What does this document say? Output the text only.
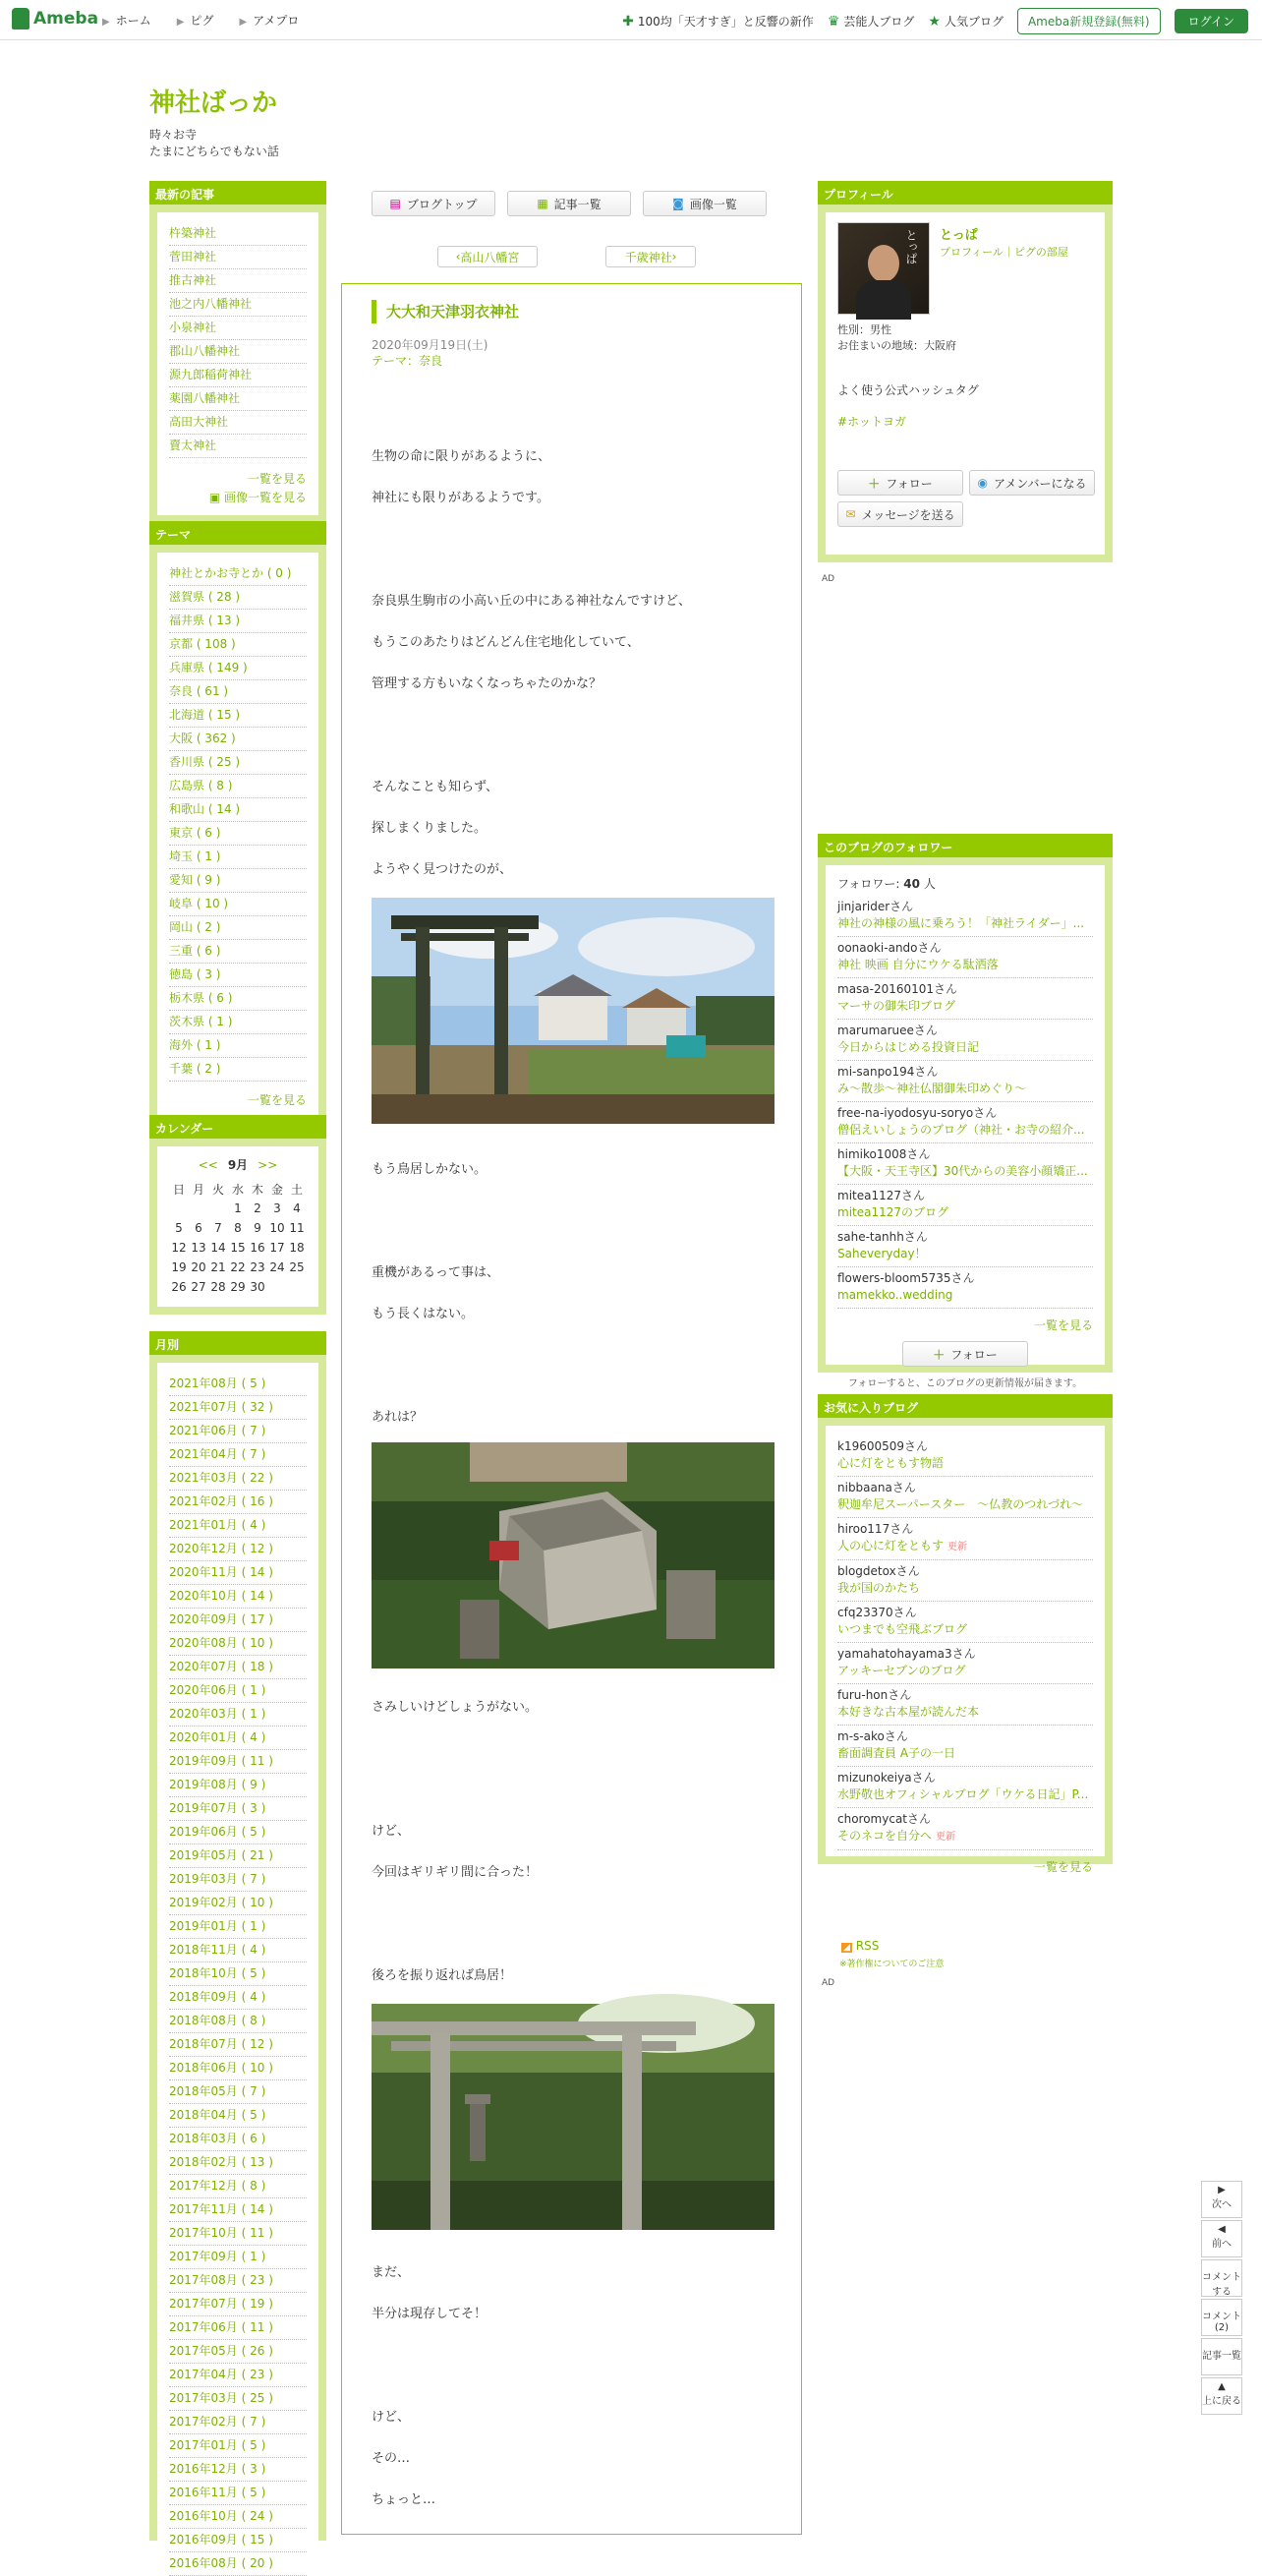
Ameba ▶ ホーム	▶ ピグ	▶ アメプロ	✚ 100均「天才すぎ」と反響の新作 ♛ 芸能人ブログ ★ 人気ブログ	Ameba新規登録(無料)	ログイン
神社ばっか
時々お寺
たまにどちらでもない話
最新の記事
杵築神社
菅田神社
推古神社
池之内八幡神社
小泉神社
郡山八幡神社
源九郎稲荷神社
薬園八幡神社
高田大神社
賣太神社
一覧を見る
▣ 画像一覧を見る
テーマ
神社とかお寺とか ( 0 )
滋賀県 ( 28 )
福井県 ( 13 )
京都 ( 108 )
兵庫県 ( 149 )
奈良 ( 61 )
北海道 ( 15 )
大阪 ( 362 )
香川県 ( 25 )
広島県 ( 8 )
和歌山 ( 14 )
東京 ( 6 )
埼玉 ( 1 )
愛知 ( 9 )
岐阜 ( 10 )
岡山 ( 2 )
三重 ( 6 )
徳島 ( 3 )
栃木県 ( 6 )
茨木県 ( 1 )
海外 ( 1 )
千葉 ( 2 )
一覧を見る
カレンダー
<< 9月 >>
日	月	火	水	木	金	土
			1	2	3	4
5	6	7	8	9	10	11
12	13	14	15	16	17	18
19	20	21	22	23	24	25
26	27	28	29	30		
月別
2021年08月 ( 5 )
2021年07月 ( 32 )
2021年06月 ( 7 )
2021年04月 ( 7 )
2021年03月 ( 22 )
2021年02月 ( 16 )
2021年01月 ( 4 )
2020年12月 ( 12 )
2020年11月 ( 14 )
2020年10月 ( 14 )
2020年09月 ( 17 )
2020年08月 ( 10 )
2020年07月 ( 18 )
2020年06月 ( 1 )
2020年03月 ( 1 )
2020年01月 ( 4 )
2019年09月 ( 11 )
2019年08月 ( 9 )
2019年07月 ( 3 )
2019年06月 ( 5 )
2019年05月 ( 21 )
2019年03月 ( 7 )
2019年02月 ( 10 )
2019年01月 ( 1 )
2018年11月 ( 4 )
2018年10月 ( 5 )
2018年09月 ( 4 )
2018年08月 ( 8 )
2018年07月 ( 12 )
2018年06月 ( 10 )
2018年05月 ( 7 )
2018年04月 ( 5 )
2018年03月 ( 6 )
2018年02月 ( 13 )
2017年12月 ( 8 )
2017年11月 ( 14 )
2017年10月 ( 11 )
2017年09月 ( 1 )
2017年08月 ( 23 )
2017年07月 ( 19 )
2017年06月 ( 11 )
2017年05月 ( 26 )
2017年04月 ( 23 )
2017年03月 ( 25 )
2017年02月 ( 7 )
2017年01月 ( 5 )
2016年12月 ( 3 )
2016年11月 ( 5 )
2016年10月 ( 24 )
2016年09月 ( 15 )
2016年08月 ( 20 )
▤ ブログトップ	▦ 記事一覧	◙ 画像一覧
‹ 高山八幡宮	千歳神社 ›
大大和天津羽衣神社
2020年09月19日(土)
テーマ：奈良
生物の命に限りがあるように、
神社にも限りがあるようです。
奈良県生駒市の小高い丘の中にある神社なんですけど、
もうこのあたりはどんどん住宅地化していて、
管理する方もいなくなっちゃたのかな？
そんなことも知らず、
探しまくりました。
ようやく見つけたのが、
もう鳥居しかない。
重機があるって事は、
もう長くはない。
あれは？
さみしいけどしょうがない。
けど、
今回はギリギリ間に合った！
後ろを振り返れば鳥居！
まだ、
半分は現存してそ！
けど、
その…
ちょっと…
プロフィール
とっぱ とっぱ
プロフィール｜ピグの部屋
性別：男性
お住まいの地域：大阪府
よく使う公式ハッシュタグ
#ホットヨガ
＋ フォロー	◉ アメンバーになる
✉ メッセージを送る
AD
このブログのフォロワー
フォロワー: 40 人
jinjariderさん
神社の神様の風に乗ろう！「神社ライダー」...
oonaoki-andoさん
神社 映画 自分にウケる駄洒落
masa-20160101さん
マーサの御朱印ブログ
marumarueeさん
今日からはじめる投資日記
mi-sanpo194さん
み～散歩～神社仏閣御朱印めぐり～
free-na-iyodosyu-soryoさん
僧侶えいしょうのブログ（神社・お寺の紹介...
himiko1008さん
【大阪・天王寺区】30代からの美容小顔矯正...
mitea1127さん
mitea1127のブログ
sahe-tanhhさん
Saheveryday！
flowers-bloom5735さん
mamekko..wedding
一覧を見る
＋ フォロー
フォローすると、このブログの更新情報が届きます。
お気に入りブログ
k19600509さん
心に灯をともす物語
nibbaanaさん
釈迦牟尼スーパースター　～仏教のつれづれ～
hiroo117さん
人の心に灯をともす 更新
blogdetoxさん
我が国のかたち
cfq23370さん
いつまでも空飛ぶブログ
yamahatohayama3さん
アッキーセブンのブログ
furu-honさん
本好きな古本屋が読んだ本
m-s-akoさん
畜面調査員 A子の一日
mizunokeiyaさん
水野敬也オフィシャルブログ「ウケる日記」P...
choromycatさん
そのネコを自分へ 更新
一覧を見る
◢ RSS
※著作権についてのご注意
AD
▶
次へ
◀
前へ
コメントする
コメント(2)
記事一覧
▲
上に戻る
